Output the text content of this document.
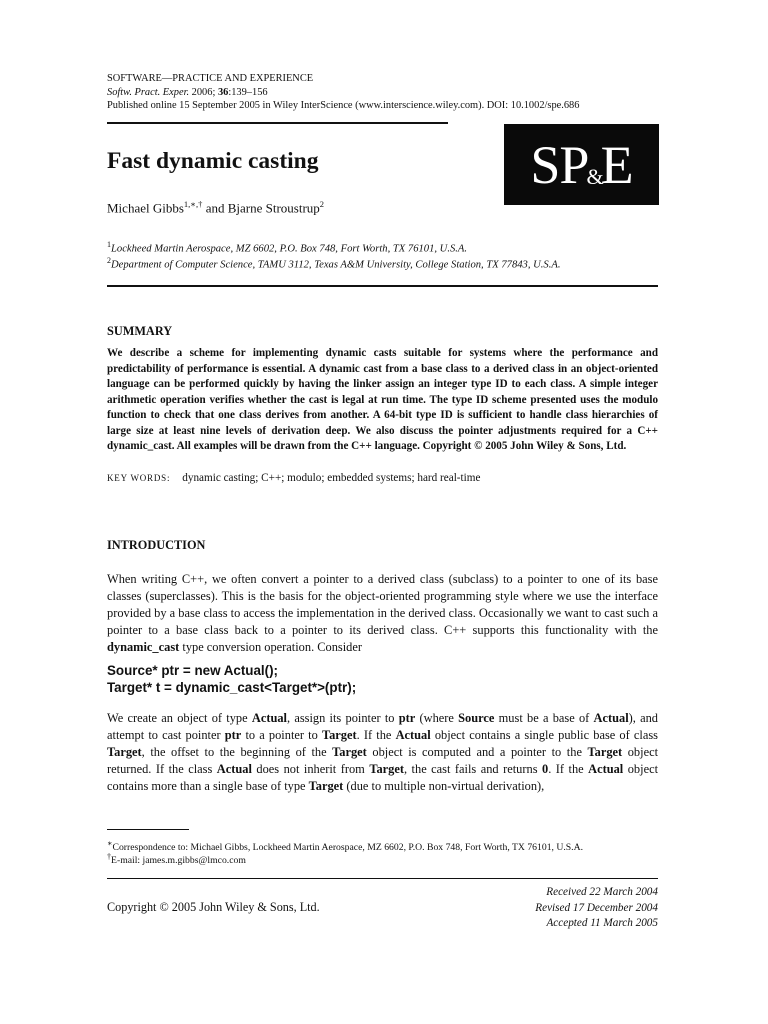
SOFTWARE—PRACTICE AND EXPERIENCE
Softw. Pract. Exper. 2006; 36:139–156
Published online 15 September 2005 in Wiley InterScience (www.interscience.wiley.com). DOI: 10.1002/spe.686
SP
&
E
Fast dynamic casting
Michael Gibbs$^{1,∗,\dagger}$ and Bjarne Stroustrup$^2$
$^1$Lockheed Martin Aerospace, MZ 6602, P.O. Box 748, Fort Worth, TX 76101, U.S.A.
$^2$Department of Computer Science, TAMU 3112, Texas A&M University, College Station, TX 77843, U.S.A.
SUMMARY
We describe a scheme for implementing dynamic casts suitable for systems where the performance and predictability of performance is essential. A dynamic cast from a base class to a derived class in an object-oriented language can be performed quickly by having the linker assign an integer type ID to each class. A simple integer arithmetic operation verifies whether the cast is legal at run time. The type ID scheme presented uses the modulo function to check that one class derives from another. A 64-bit type ID is sufficient to handle class hierarchies of large size at least nine levels of derivation deep. We also discuss the pointer adjustments required for a C++ dynamic_cast. All examples will be drawn from the C++ language. Copyright © 2005 John Wiley & Sons, Ltd.
KEY WORDS: dynamic casting; C++; modulo; embedded systems; hard real-time
INTRODUCTION
When writing C++, we often convert a pointer to a derived class (subclass) to a pointer to one of its base classes (superclasses). This is the basis for the object-oriented programming style where we use the interface provided by a base class to access the implementation in the derived class. Occasionally we want to cast such a pointer to a base class back to a pointer to its derived class. C++ supports this functionality with the dynamic_cast type conversion operation. Consider
Source* ptr = new Actual();
Target* t = dynamic_cast<Target*>(ptr);
We create an object of type Actual, assign its pointer to ptr (where Source must be a base of Actual), and attempt to cast pointer ptr to a pointer to Target. If the Actual object contains a single public base of class Target, the offset to the beginning of the Target object is computed and a pointer to the Target object returned. If the class Actual does not inherit from Target, the cast fails and returns 0. If the Actual object contains more than a single base of type Target (due to multiple non-virtual derivation),
∗Correspondence to: Michael Gibbs, Lockheed Martin Aerospace, MZ 6602, P.O. Box 748, Fort Worth, TX 76101, U.S.A.
†E-mail: james.m.gibbs@lmco.com
Copyright © 2005 John Wiley & Sons, Ltd.
Received 22 March 2004
Revised 17 December 2004
Accepted 11 March 2005
